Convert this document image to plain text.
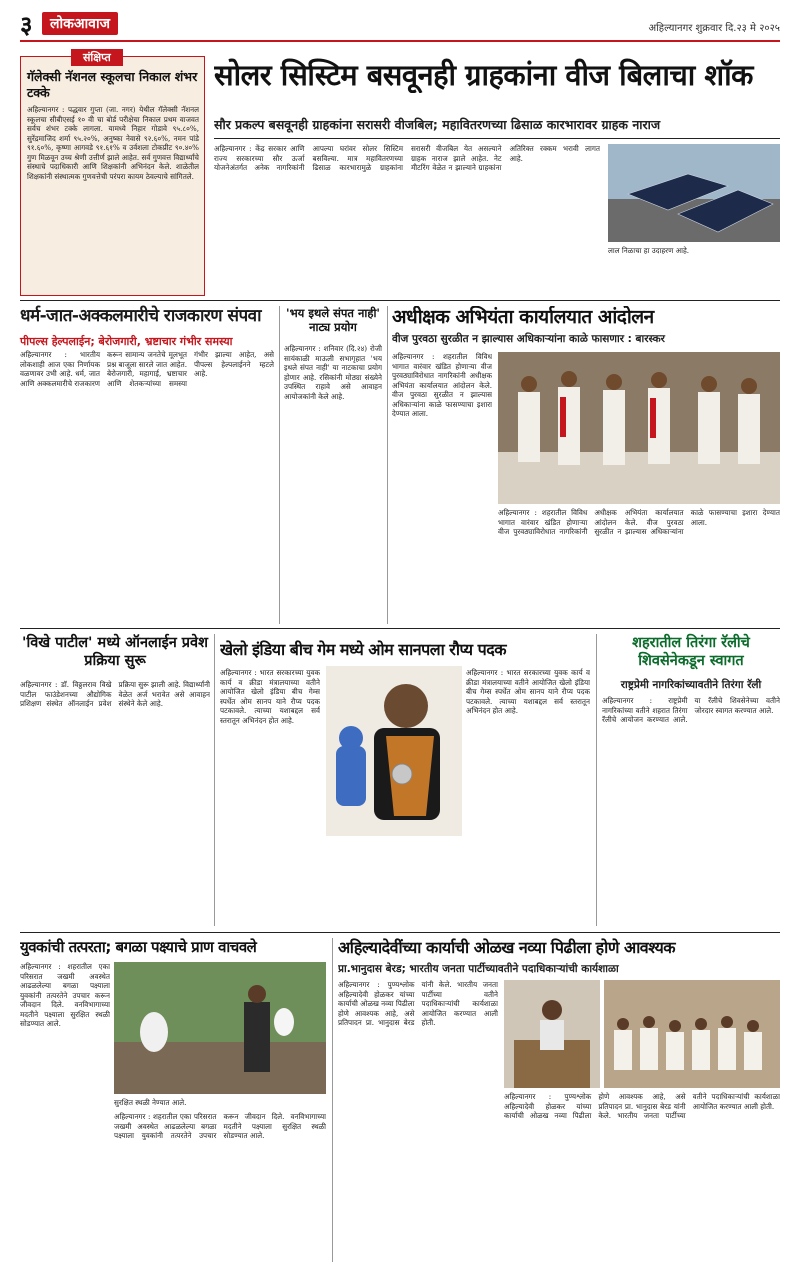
३	लोकआवाज	अहिल्यानगर शुक्रवार दि.२३ मे २०२५
संक्षिप्त
गॅलेक्सी नॅशनल स्कूलचा निकाल शंभर टक्के
अहिल्यानगर : पद्धवार गुप्ता (जा. नगर) येथील गॅलेक्सी नॅशनल स्कूलचा सीबीएसई १० वी चा बोर्ड परीक्षेचा निकाल प्रथम वाजवत सर्वच शंभर टक्के लागला. यामध्ये निहार गोडावे ९५.८०%, सुरेंद्रमाजिद शर्मा ९५.२०%, अनुष्का नेवासे ९२.६०%, नमन पांडे ९१.६०%, कृष्णा आगवडे ९१.६१% व उर्वशला टोकप्रीट ९०.४०% गुण मिळवून उच्च श्रेणी उत्तीर्ण झाले आहेत. सर्व गुणवत्त विद्यार्थ्यांचे संस्थाचे पदाधिकारी आणि शिक्षकांनी अभिनंदन केले. शाळेतील शिक्षकांनी संस्थात्मक गुणवत्तेची परंपरा कायम ठेवल्याचे सांगितले.
सोलर सिस्टिम बसवूनही ग्राहकांना वीज बिलाचा शॉक
सौर प्रकल्प बसवूनही ग्राहकांना सरासरी वीजबिल; महावितरणच्या ढिसाळ कारभारावर ग्राहक नाराज
अहिल्यानगर : केंद्र सरकार आणि राज्य सरकारच्या सौर ऊर्जा योजनेअंतर्गत अनेक नागरिकांनी आपल्या घरांवर सोलर सिस्टिम बसविल्या. मात्र महावितरणच्या ढिसाळ कारभारामुळे ग्राहकांना सरासरी वीजबिल येत असल्याने ग्राहक नाराज झाले आहेत. नेट मीटरिंग वेळेत न झाल्याने ग्राहकांना अतिरिक्त रक्कम भरावी लागत आहे.
लाल निळाचा हा उदाहरण आहे.
धर्म-जात-अक्कलमारीचे राजकारण संपवा
पीपल्स हेल्पलाईन; बेरोजगारी, भ्रष्टाचार गंभीर समस्या
अहिल्यानगर : भारतीय लोकशाही आज एका निर्णायक वळणावर उभी आहे. धर्म, जात आणि अक्कलमारीचे राजकारण करून सामान्य जनतेचे मूलभूत प्रश्न बाजूला सारले जात आहेत. बेरोजगारी, महागाई, भ्रष्टाचार आणि शेतकऱ्यांच्या समस्या गंभीर झाल्या आहेत, असे पीपल्स हेल्पलाईनने म्हटले आहे.
'भय इथले संपत नाही' नाट्य प्रयोग
अहिल्यानगर : शनिवार (दि.२४) रोजी सायंकाळी माऊली सभागृहात 'भय इथले संपत नाही' या नाटकाचा प्रयोग होणार आहे. रसिकांनी मोठ्या संख्येने उपस्थित राहावे असे आवाहन आयोजकांनी केले आहे.
अधीक्षक अभियंता कार्यालयात आंदोलन
वीज पुरवठा सुरळीत न झाल्यास अधिकाऱ्यांना काळे फासणार : बारस्कर
अहिल्यानगर : शहरातील विविध भागात वारंवार खंडित होणाऱ्या वीज पुरवठ्याविरोधात नागरिकांनी अधीक्षक अभियंता कार्यालयात आंदोलन केले. वीज पुरवठा सुरळीत न झाल्यास अधिकाऱ्यांना काळे फासण्याचा इशारा देण्यात आला.
अहिल्यानगर : शहरातील विविध भागात वारंवार खंडित होणाऱ्या वीज पुरवठ्याविरोधात नागरिकांनी अधीक्षक अभियंता कार्यालयात आंदोलन केले. वीज पुरवठा सुरळीत न झाल्यास अधिकाऱ्यांना काळे फासण्याचा इशारा देण्यात आला.
'विखे पाटील' मध्ये ऑनलाईन प्रवेश प्रक्रिया सुरू
अहिल्यानगर : डॉ. विठ्ठलराव विखे पाटील फाउंडेशनच्या औद्योगिक प्रशिक्षण संस्थेत ऑनलाईन प्रवेश प्रक्रिया सुरू झाली आहे. विद्यार्थ्यांनी वेळेत अर्ज भरावेत असे आवाहन संस्थेने केले आहे.
खेलो इंडिया बीच गेम मध्ये ओम सानपला रौप्य पदक
अहिल्यानगर : भारत सरकारच्या युवक कार्य व क्रीडा मंत्रालयाच्या वतीने आयोजित खेलो इंडिया बीच गेम्स स्पर्धेत ओम सानप याने रौप्य पदक पटकावले. त्याच्या यशाबद्दल सर्व स्तरातून अभिनंदन होत आहे.
अहिल्यानगर : भारत सरकारच्या युवक कार्य व क्रीडा मंत्रालयाच्या वतीने आयोजित खेलो इंडिया बीच गेम्स स्पर्धेत ओम सानप याने रौप्य पदक पटकावले. त्याच्या यशाबद्दल सर्व स्तरातून अभिनंदन होत आहे.
शहरातील तिरंगा रॅलीचे शिवसेनेकडून स्वागत
राष्ट्रप्रेमी नागरिकांच्यावतीने तिरंगा रॅली
अहिल्यानगर : राष्ट्रप्रेमी नागरिकांच्या वतीने शहरात तिरंगा रॅलीचे आयोजन करण्यात आले. या रॅलीचे शिवसेनेच्या वतीने जोरदार स्वागत करण्यात आले.
युवकांची तत्परता; बगळा पक्ष्याचे प्राण वाचवले
अहिल्यानगर : शहरातील एका परिसरात जखमी अवस्थेत आढळलेल्या बगळा पक्ष्याला युवकांनी तत्परतेने उपचार करून जीवदान दिले. वनविभागाच्या मदतीने पक्ष्याला सुरक्षित स्थळी सोडण्यात आले.
सुरक्षित स्थळी नेण्यात आले.
अहिल्यानगर : शहरातील एका परिसरात जखमी अवस्थेत आढळलेल्या बगळा पक्ष्याला युवकांनी तत्परतेने उपचार करून जीवदान दिले. वनविभागाच्या मदतीने पक्ष्याला सुरक्षित स्थळी सोडण्यात आले.
अहिल्यादेवींच्या कार्याची ओळख नव्या पिढीला होणे आवश्यक
प्रा.भानुदास बेरड; भारतीय जनता पार्टीच्यावतीने पदाधिकाऱ्यांची कार्यशाळा
अहिल्यानगर : पुण्यश्लोक अहिल्यादेवी होळकर यांच्या कार्याची ओळख नव्या पिढीला होणे आवश्यक आहे, असे प्रतिपादन प्रा. भानुदास बेरड यांनी केले. भारतीय जनता पार्टीच्या वतीने पदाधिकाऱ्यांची कार्यशाळा आयोजित करण्यात आली होती.
अहिल्यानगर : पुण्यश्लोक अहिल्यादेवी होळकर यांच्या कार्याची ओळख नव्या पिढीला होणे आवश्यक आहे, असे प्रतिपादन प्रा. भानुदास बेरड यांनी केले. भारतीय जनता पार्टीच्या वतीने पदाधिकाऱ्यांची कार्यशाळा आयोजित करण्यात आली होती.
